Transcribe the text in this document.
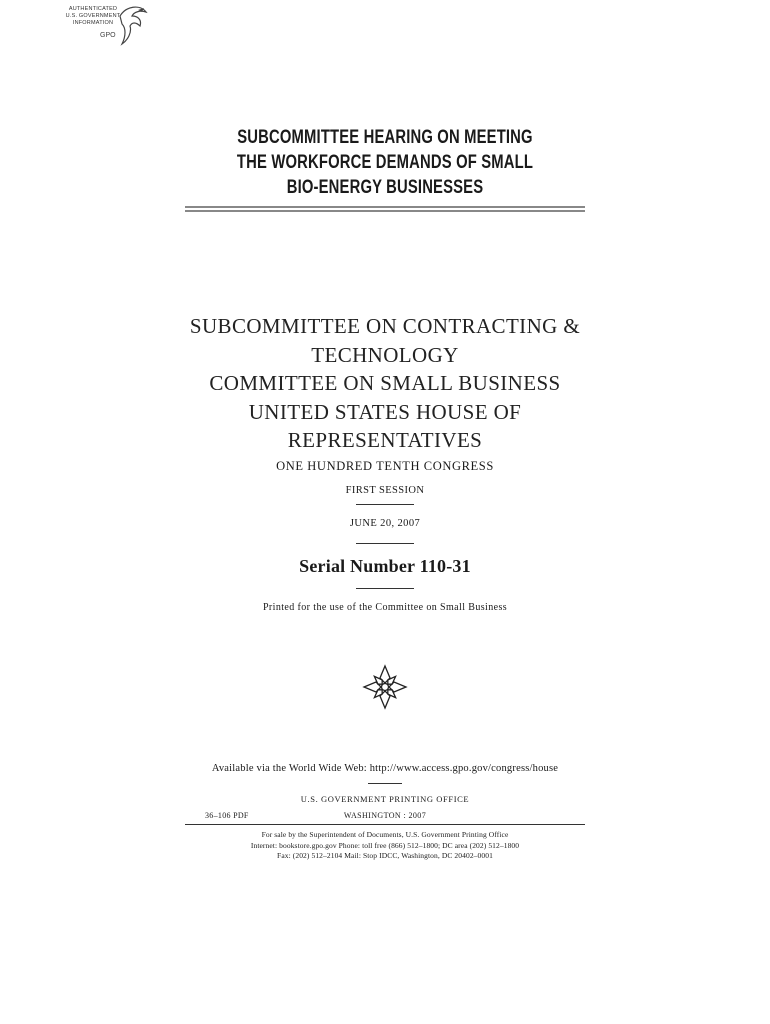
AUTHENTICATED
U.S. GOVERNMENT
INFORMATION
GPO
SUBCOMMITTEE HEARING ON MEETING
THE WORKFORCE DEMANDS OF SMALL
BIO-ENERGY BUSINESSES
SUBCOMMITTEE ON CONTRACTING &
TECHNOLOGY
COMMITTEE ON SMALL BUSINESS
UNITED STATES HOUSE OF
REPRESENTATIVES
ONE HUNDRED TENTH CONGRESS
FIRST SESSION
JUNE 20, 2007
Serial Number 110-31
Printed for the use of the Committee on Small Business
Available via the World Wide Web: http://www.access.gpo.gov/congress/house
U.S. GOVERNMENT PRINTING OFFICE
36–106 PDF	WASHINGTON : 2007
For sale by the Superintendent of Documents, U.S. Government Printing Office
Internet: bookstore.gpo.gov Phone: toll free (866) 512–1800; DC area (202) 512–1800
Fax: (202) 512–2104 Mail: Stop IDCC, Washington, DC 20402–0001
